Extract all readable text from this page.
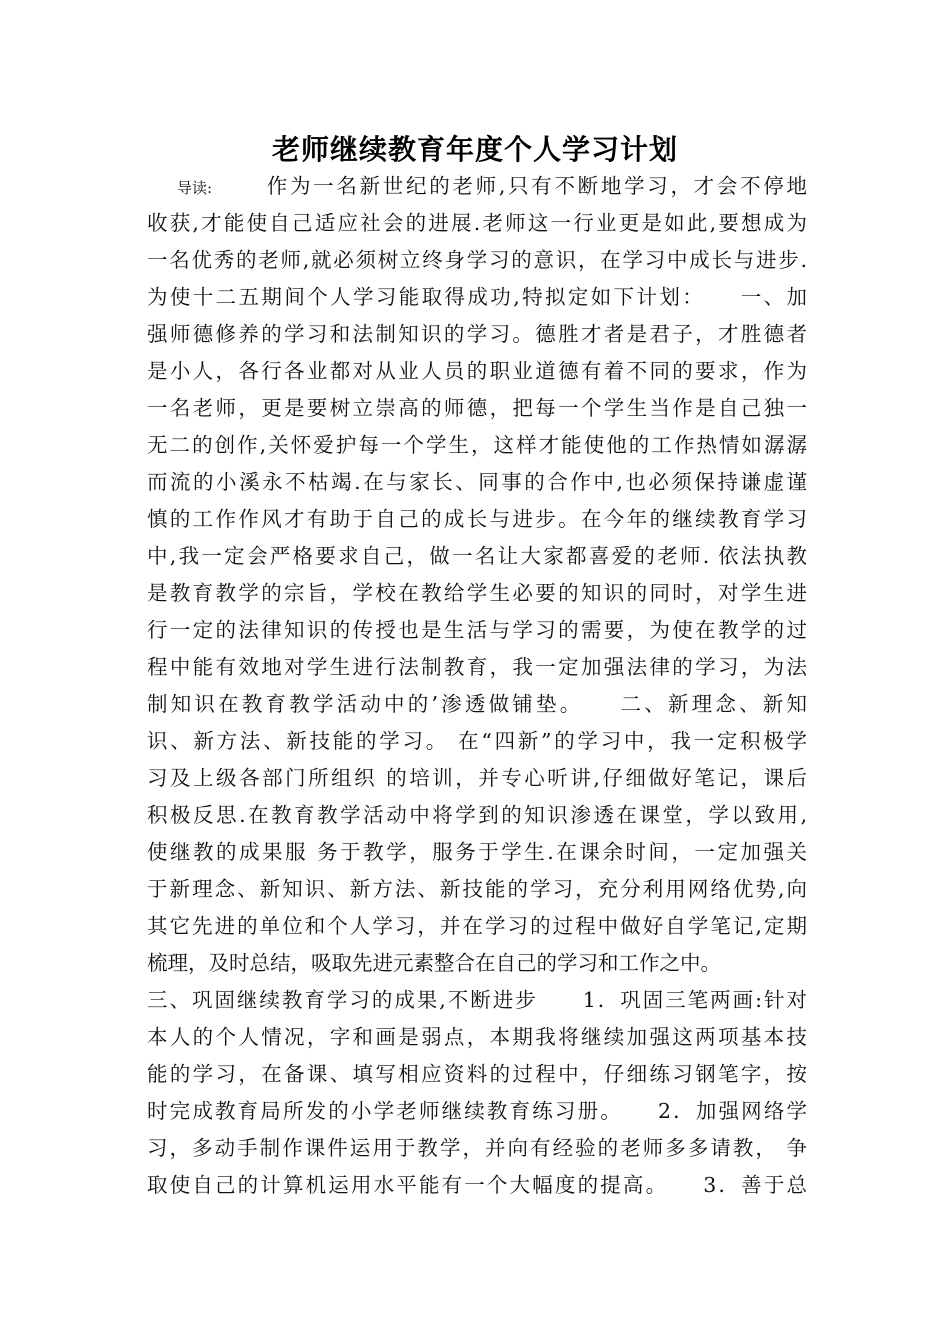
老师继续教育年度个人学习计划
导读:	作为一名新世纪的老师,只有不断地学习，才会不停地
收获,才能使自己适应社会的进展.老师这一行业更是如此,要想成为
一名优秀的老师,就必须树立终身学习的意识，在学习中成长与进步.
为使十二五期间个人学习能取得成功,特拟定如下计划：　　一、加
强师德修养的学习和法制知识的学习。德胜才者是君子，才胜德者
是小人，各行各业都对从业人员的职业道德有着不同的要求，作为
一名老师，更是要树立崇高的师德，把每一个学生当作是自己独一
无二的创作,关怀爱护每一个学生，这样才能使他的工作热情如潺潺
而流的小溪永不枯竭.在与家长、同事的合作中,也必须保持谦虚谨
慎的工作作风才有助于自己的成长与进步。在今年的继续教育学习
中,我一定会严格要求自己，做一名让大家都喜爱的老师. 依法执教
是教育教学的宗旨，学校在教给学生必要的知识的同时，对学生进
行一定的法律知识的传授也是生活与学习的需要，为使在教学的过
程中能有效地对学生进行法制教育，我一定加强法律的学习，为法
制知识在教育教学活动中的’渗透做铺垫。　　二、新理念、新知
识、新方法、新技能的学习。 在“四新”的学习中，我一定积极学
习及上级各部门所组织 的培训，并专心听讲,仔细做好笔记，课后
积极反思.在教育教学活动中将学到的知识渗透在课堂，学以致用,
使继教的成果服 务于教学，服务于学生.在课余时间，一定加强关
于新理念、新知识、新方法、新技能的学习，充分利用网络优势,向
其它先进的单位和个人学习，并在学习的过程中做好自学笔记,定期
梳理，及时总结，吸取先进元素整合在自己的学习和工作之中。
三、巩固继续教育学习的成果,不断进步　　1．巩固三笔两画:针对
本人的个人情况，字和画是弱点，本期我将继续加强这两项基本技
能的学习，在备课、填写相应资料的过程中，仔细练习钢笔字，按
时完成教育局所发的小学老师继续教育练习册。　　2．加强网络学
习，多动手制作课件运用于教学，并向有经验的老师多多请教， 争
取使自己的计算机运用水平能有一个大幅度的提高。　　3．善于总
